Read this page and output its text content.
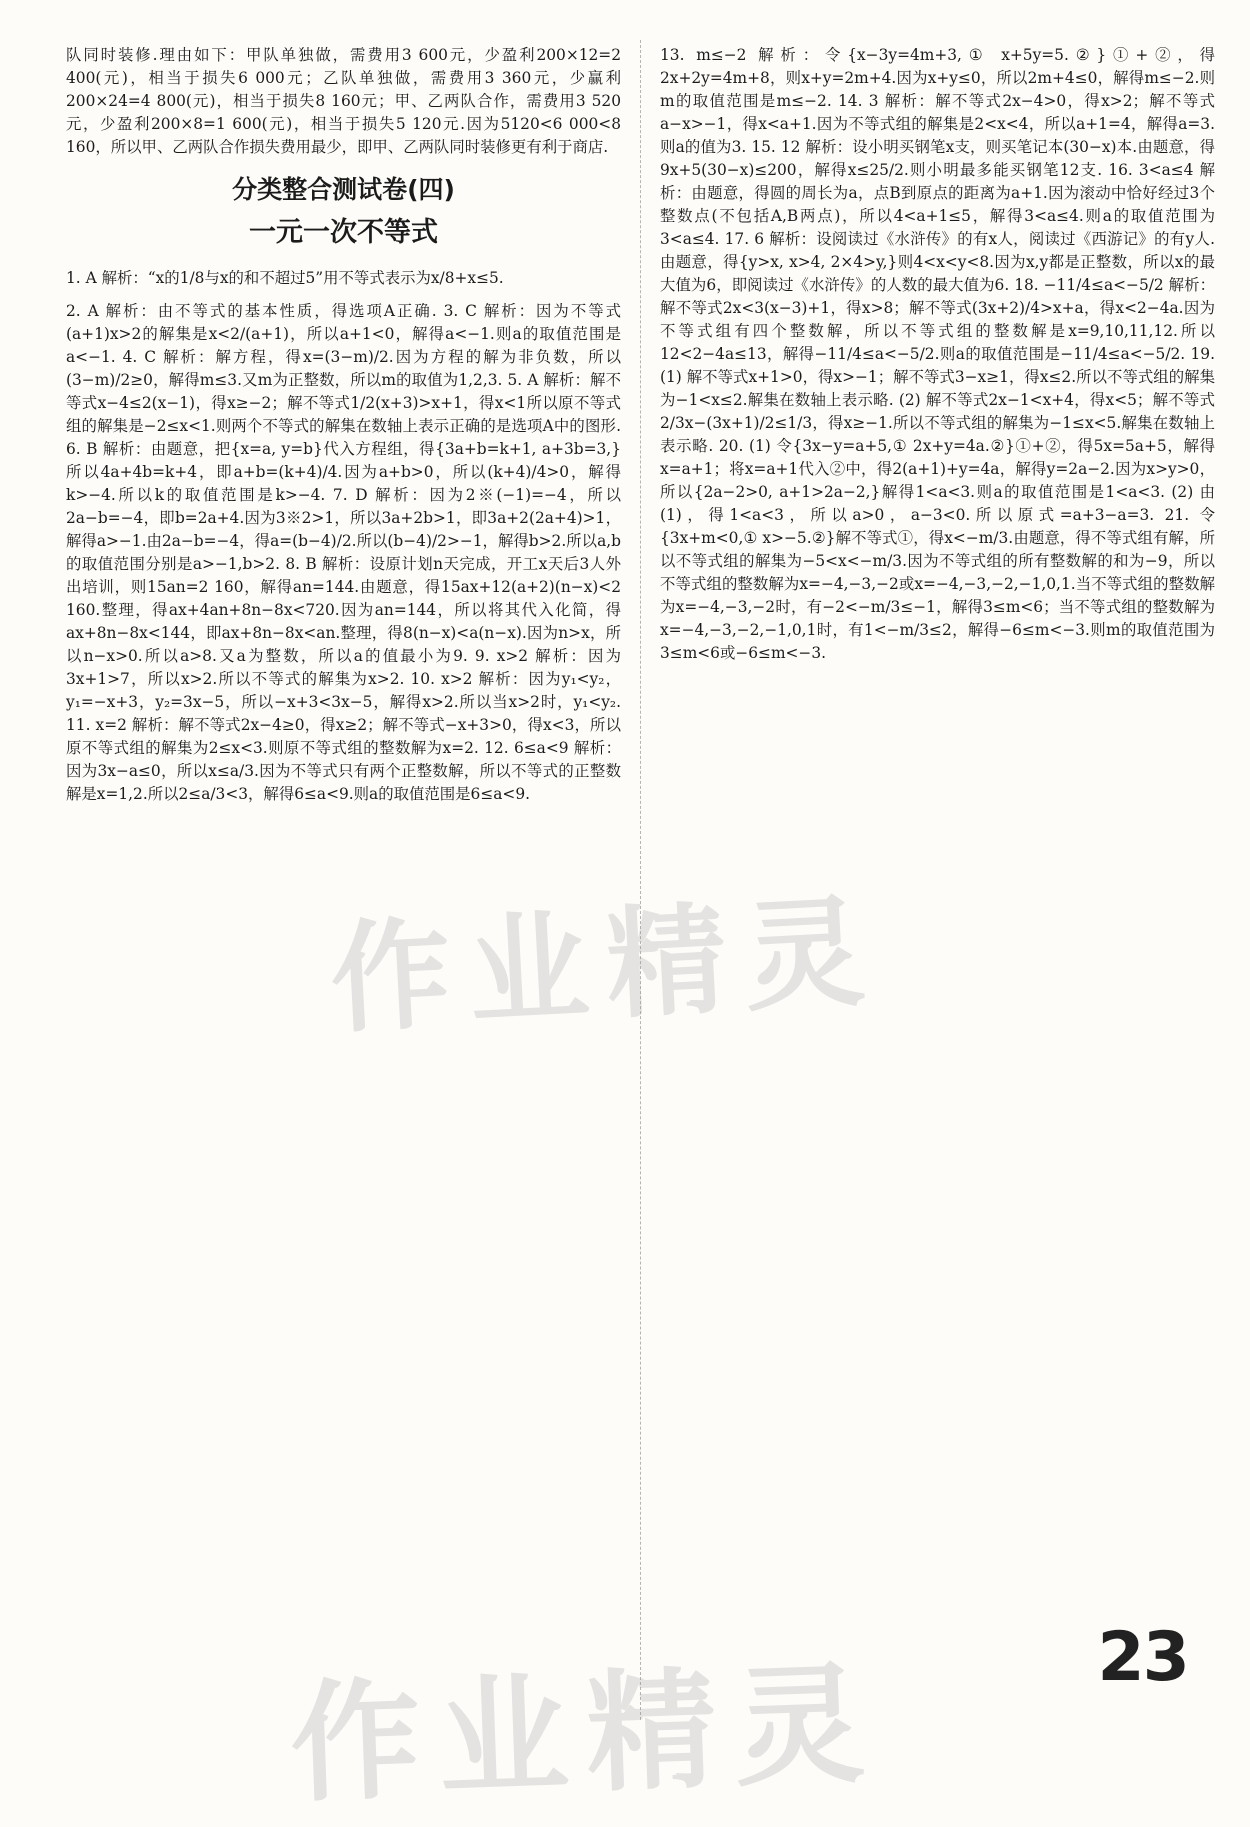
队同时装修.理由如下：甲队单独做，需费用3 600元，少盈利200×12=2 400(元)，相当于损失6 000元；乙队单独做，需费用3 360元，少赢利200×24=4 800(元)，相当于损失8 160元；甲、乙两队合作，需费用3 520元，少盈利200×8=1 600(元)，相当于损失5 120元.因为5120<6 000<8 160，所以甲、乙两队合作损失费用最少，即甲、乙两队同时装修更有利于商店.

分类整合测试卷(四)
一元一次不等式

1. A 解析：“x的1/8与x的和不超过5”用不等式表示为x/8+x≤5.

2. A 解析：由不等式的基本性质，得选项A正确. 3. C 解析：因为不等式(a+1)x>2的解集是x<2/(a+1)，所以a+1<0，解得a<−1.则a的取值范围是a<−1. 4. C 解析：解方程，得x=(3−m)/2.因为方程的解为非负数，所以(3−m)/2≥0，解得m≤3.又m为正整数，所以m的取值为1,2,3. 5. A 解析：解不等式x−4≤2(x−1)，得x≥−2；解不等式1/2(x+3)>x+1，得x<1所以原不等式组的解集是−2≤x<1.则两个不等式的解集在数轴上表示正确的是选项A中的图形. 6. B 解析：由题意，把{x=a, y=b}代入方程组，得{3a+b=k+1, a+3b=3,}所以4a+4b=k+4，即a+b=(k+4)/4.因为a+b>0，所以(k+4)/4>0，解得k>−4.所以k的取值范围是k>−4. 7. D 解析：因为2※(−1)=−4，所以2a−b=−4，即b=2a+4.因为3※2>1，所以3a+2b>1，即3a+2(2a+4)>1，解得a>−1.由2a−b=−4，得a=(b−4)/2.所以(b−4)/2>−1，解得b>2.所以a,b的取值范围分别是a>−1,b>2. 8. B 解析：设原计划n天完成，开工x天后3人外出培训，则15an=2 160，解得an=144.由题意，得15ax+12(a+2)(n−x)<2 160.整理，得ax+4an+8n−8x<720.因为an=144，所以将其代入化简，得ax+8n−8x<144，即ax+8n−8x<an.整理，得8(n−x)<a(n−x).因为n>x，所以n−x>0.所以a>8.又a为整数，所以a的值最小为9. 9. x>2 解析：因为3x+1>7，所以x>2.所以不等式的解集为x>2. 10. x>2 解析：因为y₁<y₂，y₁=−x+3，y₂=3x−5，所以−x+3<3x−5，解得x>2.所以当x>2时，y₁<y₂. 11. x=2 解析：解不等式2x−4≥0，得x≥2；解不等式−x+3>0，得x<3，所以原不等式组的解集为2≤x<3.则原不等式组的整数解为x=2. 12. 6≤a<9 解析：因为3x−a≤0，所以x≤a/3.因为不等式只有两个正整数解，所以不等式的正整数解是x=1,2.所以2≤a/3<3，解得6≤a<9.则a的取值范围是6≤a<9.

13. m≤−2 解析：令{x−3y=4m+3,① x+5y=5.②}①+②，得2x+2y=4m+8，则x+y=2m+4.因为x+y≤0，所以2m+4≤0，解得m≤−2.则m的取值范围是m≤−2. 14. 3 解析：解不等式2x−4>0，得x>2；解不等式a−x>−1，得x<a+1.因为不等式组的解集是2<x<4，所以a+1=4，解得a=3.则a的值为3. 15. 12 解析：设小明买钢笔x支，则买笔记本(30−x)本.由题意，得9x+5(30−x)≤200，解得x≤25/2.则小明最多能买钢笔12支. 16. 3<a≤4 解析：由题意，得圆的周长为a，点B到原点的距离为a+1.因为滚动中恰好经过3个整数点(不包括A,B两点)，所以4<a+1≤5，解得3<a≤4.则a的取值范围为3<a≤4. 17. 6 解析：设阅读过《水浒传》的有x人，阅读过《西游记》的有y人.由题意，得{y>x, x>4, 2×4>y,}则4<x<y<8.因为x,y都是正整数，所以x的最大值为6，即阅读过《水浒传》的人数的最大值为6. 18. −11/4≤a<−5/2 解析：解不等式2x<3(x−3)+1，得x>8；解不等式(3x+2)/4>x+a，得x<2−4a.因为不等式组有四个整数解，所以不等式组的整数解是x=9,10,11,12.所以12<2−4a≤13，解得−11/4≤a<−5/2.则a的取值范围是−11/4≤a<−5/2. 19. (1) 解不等式x+1>0，得x>−1；解不等式3−x≥1，得x≤2.所以不等式组的解集为−1<x≤2.解集在数轴上表示略. (2) 解不等式2x−1<x+4，得x<5；解不等式2/3x−(3x+1)/2≤1/3，得x≥−1.所以不等式组的解集为−1≤x<5.解集在数轴上表示略. 20. (1) 令{3x−y=a+5,① 2x+y=4a.②}①+②，得5x=5a+5，解得x=a+1；将x=a+1代入②中，得2(a+1)+y=4a，解得y=2a−2.因为x>y>0，所以{2a−2>0, a+1>2a−2,}解得1<a<3.则a的取值范围是1<a<3. (2) 由(1)，得1<a<3，所以a>0，a−3<0.所以原式=a+3−a=3. 21. 令{3x+m<0,① x>−5.②}解不等式①，得x<−m/3.由题意，得不等式组有解，所以不等式组的解集为−5<x<−m/3.因为不等式组的所有整数解的和为−9，所以不等式组的整数解为x=−4,−3,−2或x=−4,−3,−2,−1,0,1.当不等式组的整数解为x=−4,−3,−2时，有−2<−m/3≤−1，解得3≤m<6；当不等式组的整数解为x=−4,−3,−2,−1,0,1时，有1<−m/3≤2，解得−6≤m<−3.则m的取值范围为3≤m<6或−6≤m<−3.

作业精灵
作业精灵	23
